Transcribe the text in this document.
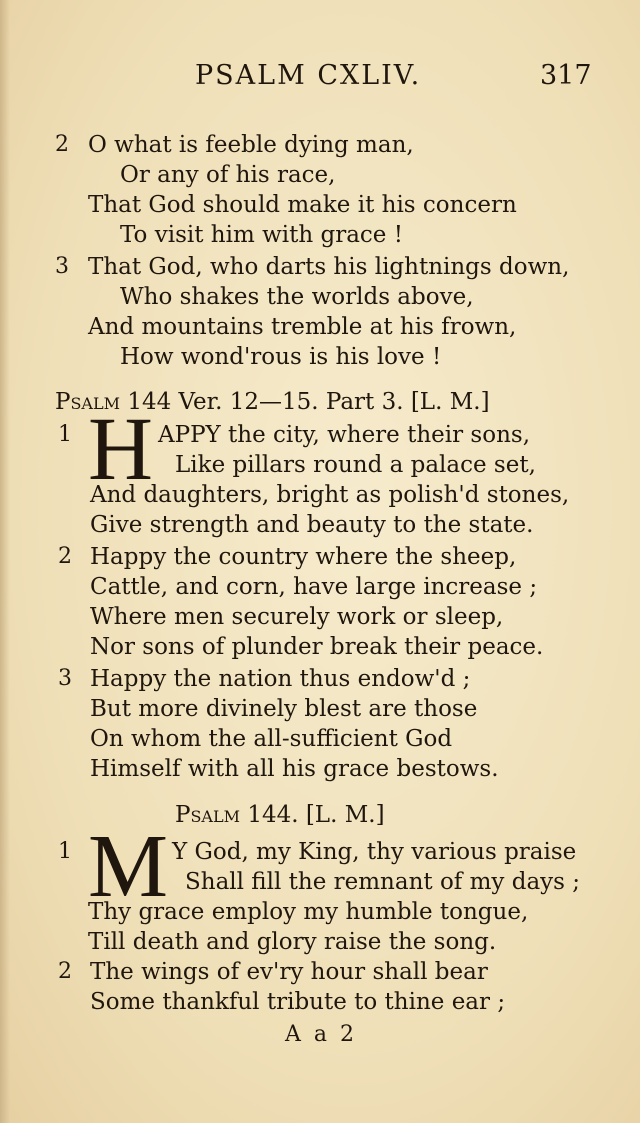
PSALM CXLIV.	317
2 O what is feeble dying man,
Or any of his race,
That God should make it his concern
To visit him with grace !
3 That God, who darts his lightnings down,
Who shakes the worlds above,
And mountains tremble at his frown,
How wond'rous is his love !
Psalm 144 Ver. 12—15. Part 3. [L. M.]
1 H APPY the city, where their sons,
Like pillars round a palace set,
And daughters, bright as polish'd stones,
Give strength and beauty to the state.
2 Happy the country where the sheep,
Cattle, and corn, have large increase ;
Where men securely work or sleep,
Nor sons of plunder break their peace.
3 Happy the nation thus endow'd ;
But more divinely blest are those
On whom the all-sufficient God
Himself with all his grace bestows.
Psalm 144. [L. M.]
1 M Y God, my King, thy various praise
Shall fill the remnant of my days ;
Thy grace employ my humble tongue,
Till death and glory raise the song.
2 The wings of ev'ry hour shall bear
Some thankful tribute to thine ear ;
A a 2
